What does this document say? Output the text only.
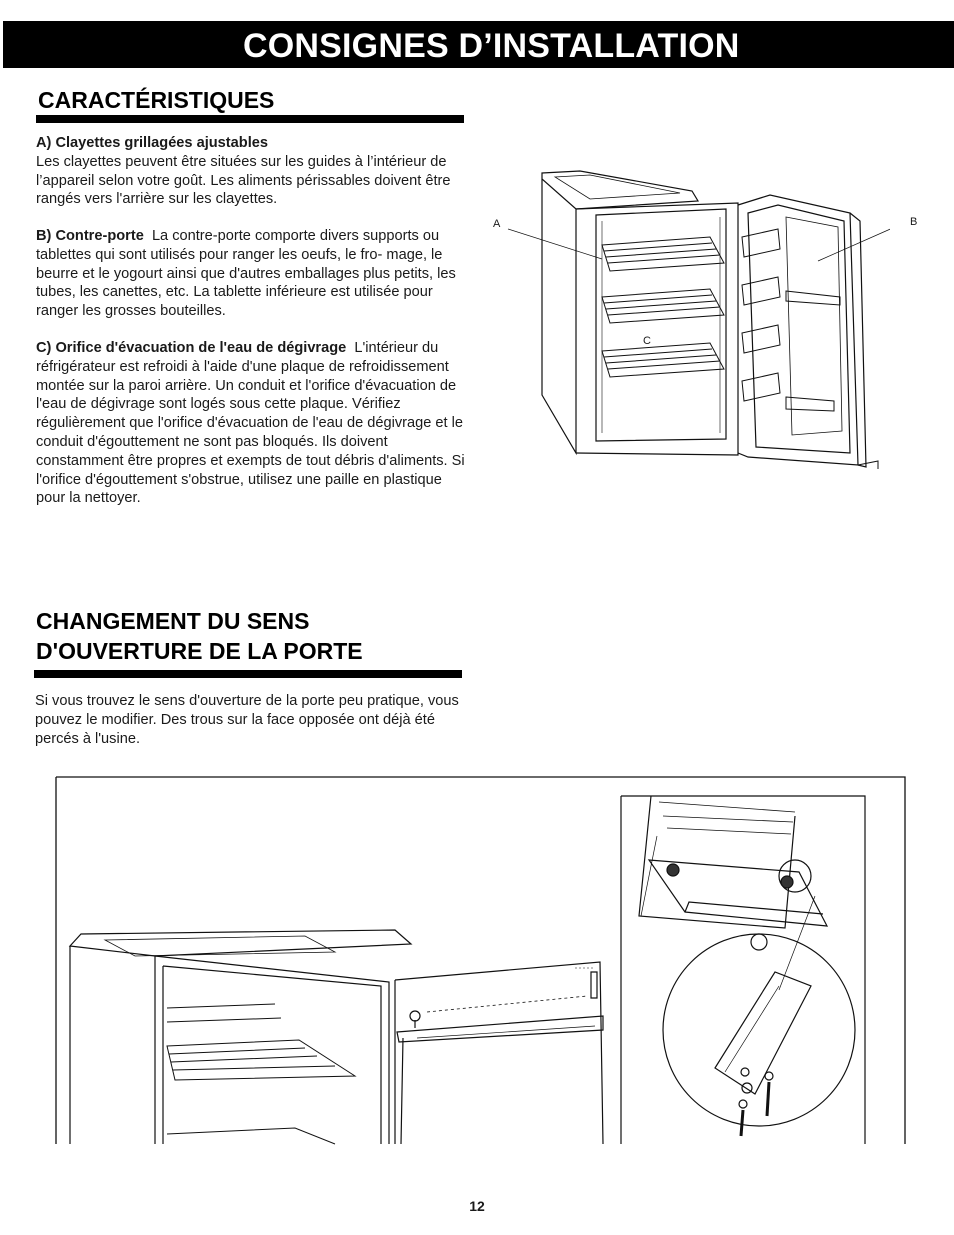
CONSIGNES D’INSTALLATION
CARACTÉRISTIQUES
A) Clayettes grillagées ajustables
Les clayettes peuvent être situées sur les guides à l’intérieur de l’appareil selon votre goût. Les aliments périssables doivent être rangés vers l'arrière sur les clayettes.
B) Contre-porte La contre-porte comporte divers supports ou tablettes qui sont utilisés pour ranger les oeufs, le fro- mage, le beurre et le yogourt ainsi que d'autres emballages plus petits, les tubes, les canettes, etc. La tablette inférieure est utilisée pour ranger les grosses bouteilles.
C) Orifice d'évacuation de l'eau de dégivrage L'intérieur du réfrigérateur est refroidi à l'aide d'une plaque de refroidissement montée sur la paroi arrière. Un conduit et l'orifice d'évacuation de l'eau de dégivrage sont logés sous cette plaque. Vérifiez régulièrement que l'orifice d'évacuation de l'eau de dégivrage et le conduit d'égouttement ne sont pas bloqués. Ils doivent constamment être propres et exempts de tout débris d'aliments. Si l'orifice d'égouttement s'obstrue, utilisez une paille en plastique pour la nettoyer.
A	B
C
CHANGEMENT DU SENS
D'OUVERTURE DE LA PORTE
Si vous trouvez le sens d'ouverture de la porte peu pratique, vous pouvez le modifier. Des trous sur la face opposée ont déjà été percés à l'usine.
12
